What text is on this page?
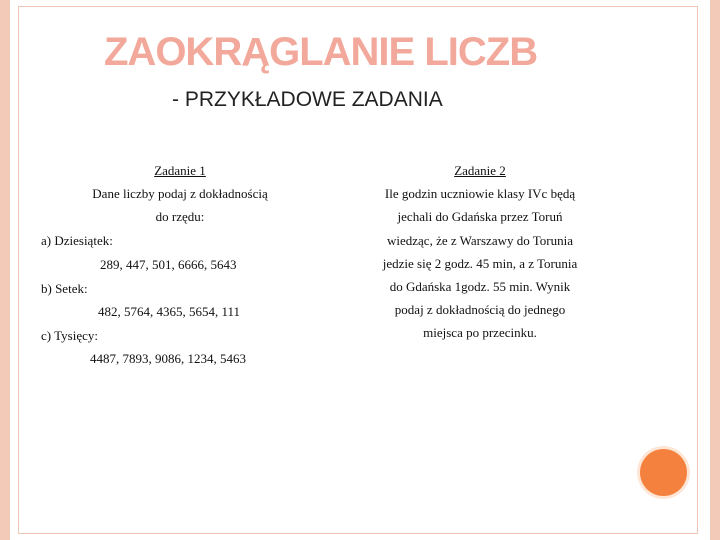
ZAOKRĄGLANIE LICZB
- PRZYKŁADOWE ZADANIA
Zadanie 1
Dane liczby podaj z dokładnością
do rzędu:
a) Dziesiątek:
289, 447, 501, 6666, 5643
b) Setek:
482, 5764, 4365, 5654, 111
c) Tysięcy:
4487, 7893, 9086, 1234, 5463
Zadanie 2
Ile godzin uczniowie klasy IVc będą
jechali do Gdańska przez Toruń
wiedząc, że z Warszawy do Torunia
jedzie się 2 godz. 45 min, a z Torunia
do Gdańska 1godz. 55 min. Wynik
podaj z dokładnością do jednego
miejsca po przecinku.
